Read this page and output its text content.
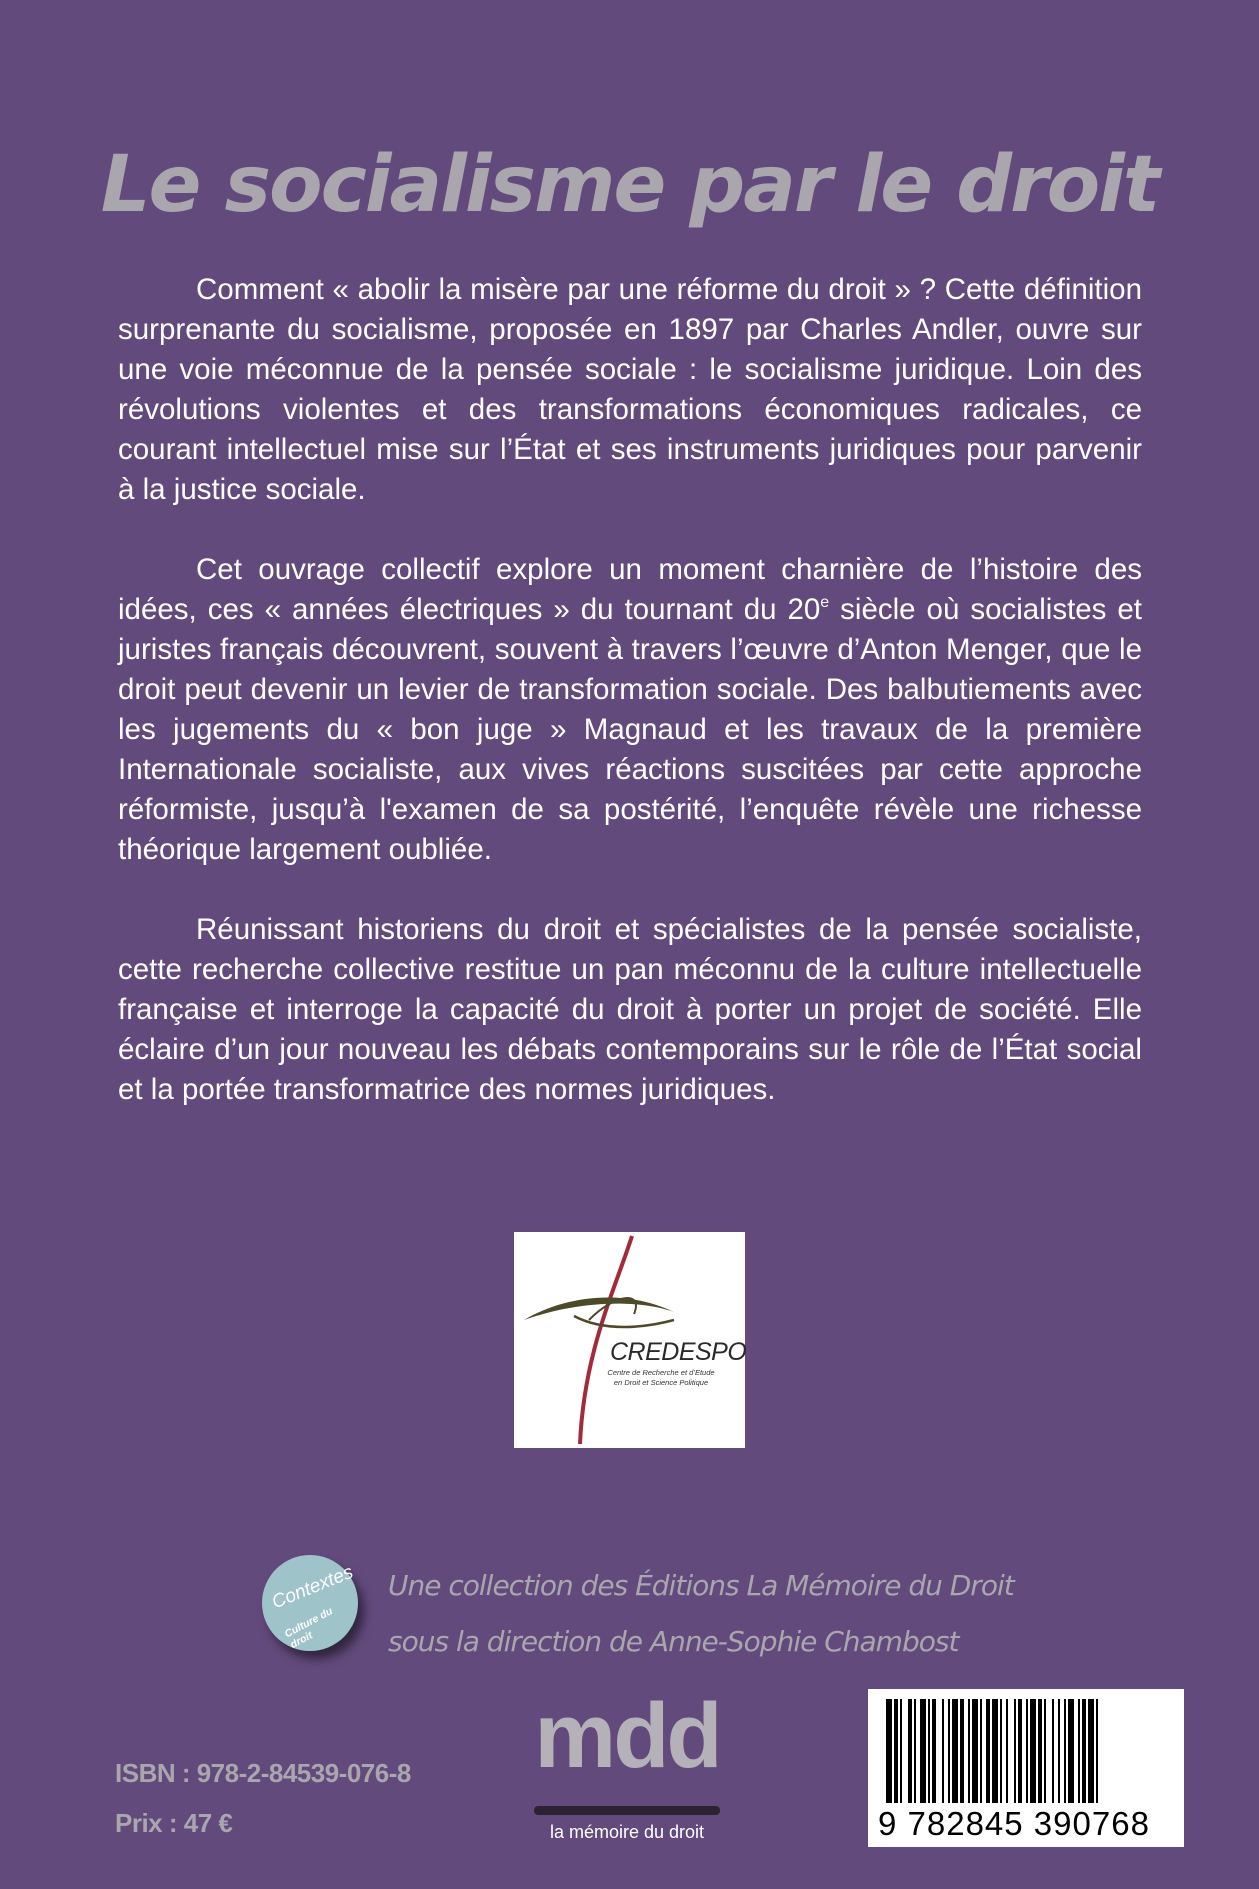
Le socialisme par le droit

Comment « abolir la misère par une réforme du droit » ? Cette définition surprenante du socialisme, proposée en 1897 par Charles Andler, ouvre sur une voie méconnue de la pensée sociale : le socialisme juridique. Loin des révolutions violentes et des transformations économiques radicales, ce courant intellectuel mise sur l’État et ses instruments juridiques pour parvenir à la justice sociale.

Cet ouvrage collectif explore un moment charnière de l’histoire des idées, ces « années électriques » du tournant du 20e siècle où socialistes et juristes français découvrent, souvent à travers l’œuvre d’Anton Menger, que le droit peut devenir un levier de transformation sociale. Des balbutiements avec les jugements du « bon juge » Magnaud et les travaux de la première Internationale socialiste, aux vives réactions suscitées par cette approche réformiste, jusqu’à l'examen de sa postérité, l’enquête révèle une richesse théorique largement oubliée.

Réunissant historiens du droit et spécialistes de la pensée socialiste, cette recherche collective restitue un pan méconnu de la culture intellectuelle française et interroge la capacité du droit à porter un projet de société. Elle éclaire d’un jour nouveau les débats contemporains sur le rôle de l’État social et la portée transformatrice des normes juridiques.

CREDESPO
Centre de Recherche et d’Etude en Droit et Science Politique
Contextes
Culture du droit
Une collection des Éditions La Mémoire du Droit
sous la direction de Anne-Sophie Chambost
ISBN : 978-2-84539-076-8
Prix : 47 €
mdd
la mémoire du droit	9 782845 390768
